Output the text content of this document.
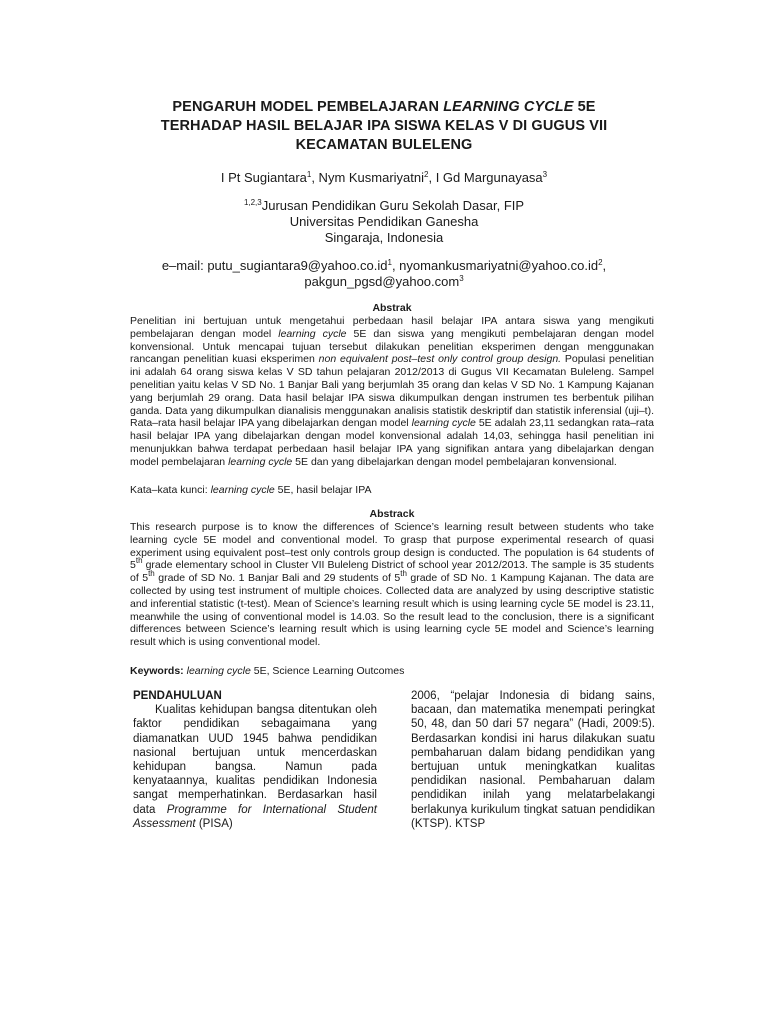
PENGARUH MODEL PEMBELAJARAN LEARNING CYCLE 5E
TERHADAP HASIL BELAJAR IPA SISWA KELAS V DI GUGUS VII
KECAMATAN BULELENG
I Pt Sugiantara$^1$, Nym Kusmariyatni$^2$, I Gd Margunayasa$^3$
$^{1,2,3}$Jurusan Pendidikan Guru Sekolah Dasar, FIP
Universitas Pendidikan Ganesha
Singaraja, Indonesia
e–mail: $putu\_sugiantara9@yahoo.co.id^1$, $nyomankusmariyatni@yahoo.co.id^2$,
pakgun_pgsd@yahoo.com$^3$
Abstrak
Penelitian ini bertujuan untuk mengetahui perbedaan hasil belajar IPA antara siswa yang mengikuti pembelajaran dengan model learning cycle 5E dan siswa yang mengikuti pembelajaran dengan model konvensional. Untuk mencapai tujuan tersebut dilakukan penelitian eksperimen dengan menggunakan rancangan penelitian kuasi eksperimen non equivalent post–test only control group design. Populasi penelitian ini adalah 64 orang siswa kelas V SD tahun pelajaran 2012/2013 di Gugus VII Kecamatan Buleleng. Sampel penelitian yaitu kelas V SD No. 1 Banjar Bali yang berjumlah 35 orang dan kelas V SD No. 1 Kampung Kajanan yang berjumlah 29 orang. Data hasil belajar IPA siswa dikumpulkan dengan instrumen tes berbentuk pilihan ganda. Data yang dikumpulkan dianalisis menggunakan analisis statistik deskriptif dan statistik inferensial (uji–t). Rata–rata hasil belajar IPA yang dibelajarkan dengan model learning cycle 5E adalah 23,11 sedangkan rata–rata hasil belajar IPA yang dibelajarkan dengan model konvensional adalah 14,03, sehingga hasil penelitian ini menunjukkan bahwa terdapat perbedaan hasil belajar IPA yang signifikan antara yang dibelajarkan dengan model pembelajaran learning cycle 5E dan yang dibelajarkan dengan model pembelajaran konvensional.
Kata–kata kunci: learning cycle 5E, hasil belajar IPA
Abstrack
This research purpose is to know the differences of Science’s learning result between students who take learning cycle 5E model and conventional model. To grasp that purpose experimental research of quasi experiment using equivalent post–test only controls group design is conducted. The population is 64 students of 5th grade elementary school in Cluster VII Buleleng District of school year 2012/2013. The sample is 35 students of 5th grade of SD No. 1 Banjar Bali and 29 students of 5th grade of SD No. 1 Kampung Kajanan. The data are collected by using test instrument of multiple choices. Collected data are analyzed by using descriptive statistic and inferential statistic (t-test). Mean of Science’s learning result which is using learning cycle 5E model is 23.11, meanwhile the using of conventional model is 14.03. So the result lead to the conclusion, there is a significant differences between Science’s learning result which is using learning cycle 5E model and Science’s learning result which is using conventional model.
Keywords: learning cycle 5E, Science Learning Outcomes
PENDAHULUAN
Kualitas kehidupan bangsa ditentukan oleh faktor pendidikan sebagaimana yang diamanatkan UUD 1945 bahwa pendidikan nasional bertujuan untuk mencerdaskan kehidupan bangsa. Namun pada kenyataannya, kualitas pendidikan Indonesia sangat memperhatinkan. Berdasarkan hasil data Programme for International Student Assessment (PISA)
2006, “pelajar Indonesia di bidang sains, bacaan, dan matematika menempati peringkat 50, 48, dan 50 dari 57 negara” (Hadi, 2009:5). Berdasarkan kondisi ini harus dilakukan suatu pembaharuan dalam bidang pendidikan yang bertujuan untuk meningkatkan kualitas pendidikan nasional. Pembaharuan dalam pendidikan inilah yang melatarbelakangi berlakunya kurikulum tingkat satuan pendidikan (KTSP). KTSP
